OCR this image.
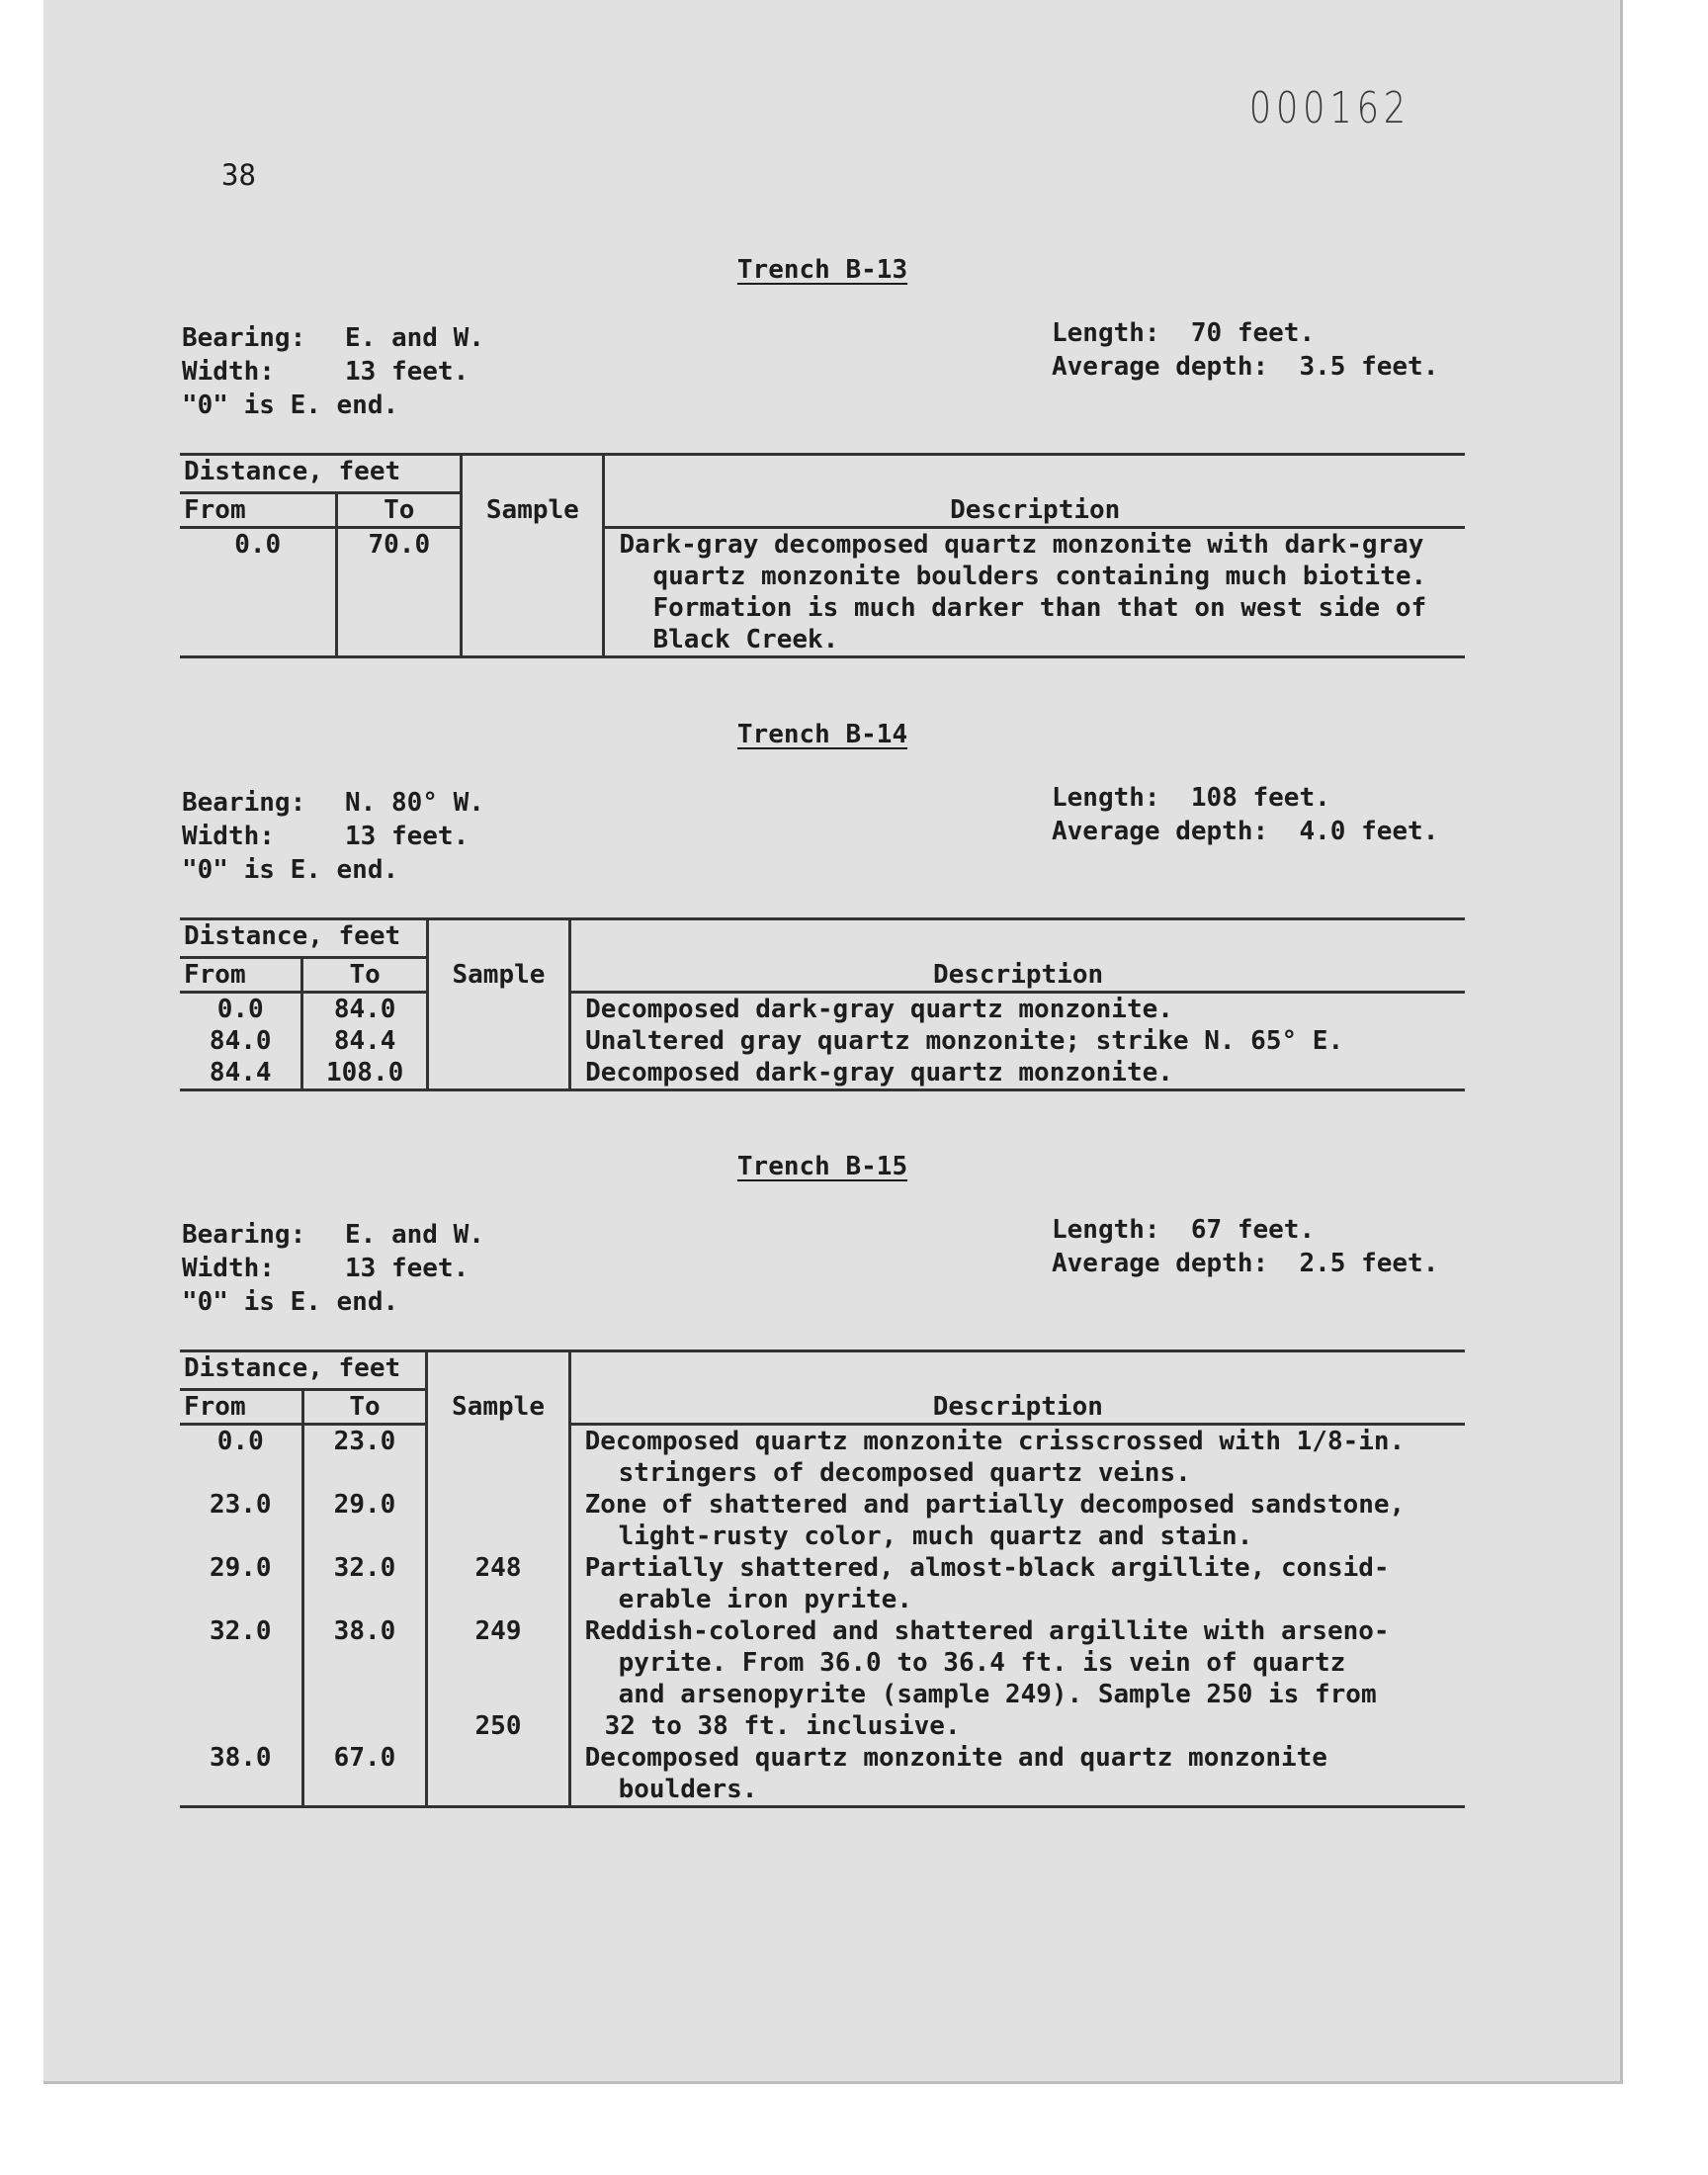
000162
38
Trench B-13
Bearing: E. and W.
Width:	13 feet.
"0" is E. end.
Length: 70 feet.
Average depth: 3.5 feet.
Distance, feet		Sample	
From	To		Description
0.0	70.0		Dark-gray decomposed quartz monzonite with dark-gray
quartz monzonite boulders containing much biotite.
Formation is much darker than that on west side of
Black Creek.
Trench B-14
Bearing: N. 80° W.
Width:	13 feet.
"0" is E. end.
Length: 108 feet.
Average depth: 4.0 feet.
Distance, feet		Sample	
From	To		Description
0.0	84.0		Decomposed dark-gray quartz monzonite.
84.0	84.4		Unaltered gray quartz monzonite; strike N. 65° E.
84.4	108.0		Decomposed dark-gray quartz monzonite.
Trench B-15
Bearing: E. and W.
Width:	13 feet.
"0" is E. end.
Length: 67 feet.
Average depth: 2.5 feet.
Distance, feet		Sample	
From	To		Description
0.0	23.0		Decomposed quartz monzonite crisscrossed with 1/8-in.
stringers of decomposed quartz veins.

23.0	29.0		Zone of shattered and partially decomposed sandstone,
light-rusty color, much quartz and stain.

29.0	32.0	248	Partially shattered, almost-black argillite, consid-
erable iron pyrite.

32.0	38.0	249	Reddish-colored and shattered argillite with arseno-
pyrite. From 36.0 to 36.4 ft. is vein of quartz
and arsenopyrite (sample 249). Sample 250 is from

		250	32 to 38 ft. inclusive.
38.0	67.0		Decomposed quartz monzonite and quartz monzonite
boulders.
